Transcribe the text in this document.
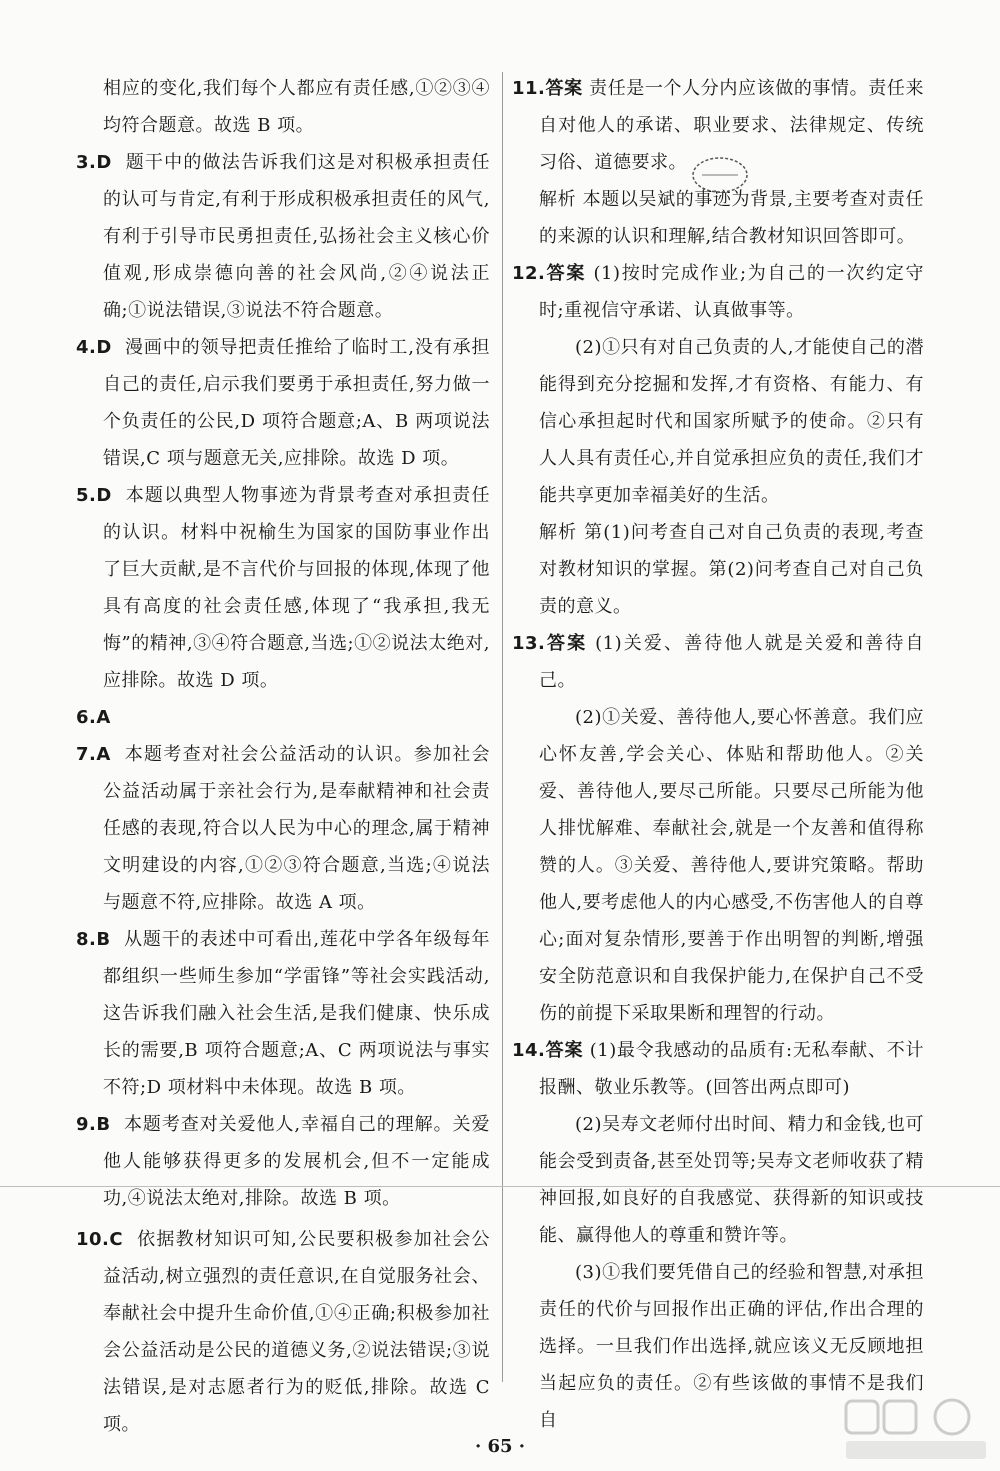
相应的变化,我们每个人都应有责任感,①②③④均符合题意。故选 B 项。

3.D 题干中的做法告诉我们这是对积极承担责任的认可与肯定,有利于形成积极承担责任的风气,有利于引导市民勇担责任,弘扬社会主义核心价值观,形成崇德向善的社会风尚,②④说法正确;①说法错误,③说法不符合题意。

4.D 漫画中的领导把责任推给了临时工,没有承担自己的责任,启示我们要勇于承担责任,努力做一个负责任的公民,D 项符合题意;A、B 两项说法错误,C 项与题意无关,应排除。故选 D 项。

5.D 本题以典型人物事迹为背景考查对承担责任的认识。材料中祝榆生为国家的国防事业作出了巨大贡献,是不言代价与回报的体现,体现了他具有高度的社会责任感,体现了“我承担,我无悔”的精神,③④符合题意,当选;①②说法太绝对,应排除。故选 D 项。

6.A

7.A 本题考查对社会公益活动的认识。参加社会公益活动属于亲社会行为,是奉献精神和社会责任感的表现,符合以人民为中心的理念,属于精神文明建设的内容,①②③符合题意,当选;④说法与题意不符,应排除。故选 A 项。

8.B 从题干的表述中可看出,莲花中学各年级每年都组织一些师生参加“学雷锋”等社会实践活动,这告诉我们融入社会生活,是我们健康、快乐成长的需要,B 项符合题意;A、C 两项说法与事实不符;D 项材料中未体现。故选 B 项。

9.B 本题考查对关爱他人,幸福自己的理解。关爱他人能够获得更多的发展机会,但不一定能成功,④说法太绝对,排除。故选 B 项。

10.C 依据教材知识可知,公民要积极参加社会公益活动,树立强烈的责任意识,在自觉服务社会、奉献社会中提升生命价值,①④正确;积极参加社会公益活动是公民的道德义务,②说法错误;③说法错误,是对志愿者行为的贬低,排除。故选 C 项。

11.答案 责任是一个人分内应该做的事情。责任来自对他人的承诺、职业要求、法律规定、传统习俗、道德要求。

解析 本题以吴斌的事迹为背景,主要考查对责任的来源的认识和理解,结合教材知识回答即可。

12.答案 (1)按时完成作业;为自己的一次约定守时;重视信守承诺、认真做事等。

(2)①只有对自己负责的人,才能使自己的潜能得到充分挖掘和发挥,才有资格、有能力、有信心承担起时代和国家所赋予的使命。②只有人人具有责任心,并自觉承担应负的责任,我们才能共享更加幸福美好的生活。

解析 第(1)问考查自己对自己负责的表现,考查对教材知识的掌握。第(2)问考查自己对自己负责的意义。

13.答案 (1)关爱、善待他人就是关爱和善待自己。

(2)①关爱、善待他人,要心怀善意。我们应心怀友善,学会关心、体贴和帮助他人。②关爱、善待他人,要尽己所能。只要尽己所能为他人排忧解难、奉献社会,就是一个友善和值得称赞的人。③关爱、善待他人,要讲究策略。帮助他人,要考虑他人的内心感受,不伤害他人的自尊心;面对复杂情形,要善于作出明智的判断,增强安全防范意识和自我保护能力,在保护自己不受伤的前提下采取果断和理智的行动。

14.答案 (1)最令我感动的品质有:无私奉献、不计报酬、敬业乐教等。(回答出两点即可)

(2)吴寿文老师付出时间、精力和金钱,也可能会受到责备,甚至处罚等;吴寿文老师收获了精神回报,如良好的自我感觉、获得新的知识或技能、赢得他人的尊重和赞许等。

(3)①我们要凭借自己的经验和智慧,对承担责任的代价与回报作出正确的评估,作出合理的选择。一旦我们作出选择,就应该义无反顾地担当起应负的责任。②有些该做的事情不是我们自

· 65 ·
